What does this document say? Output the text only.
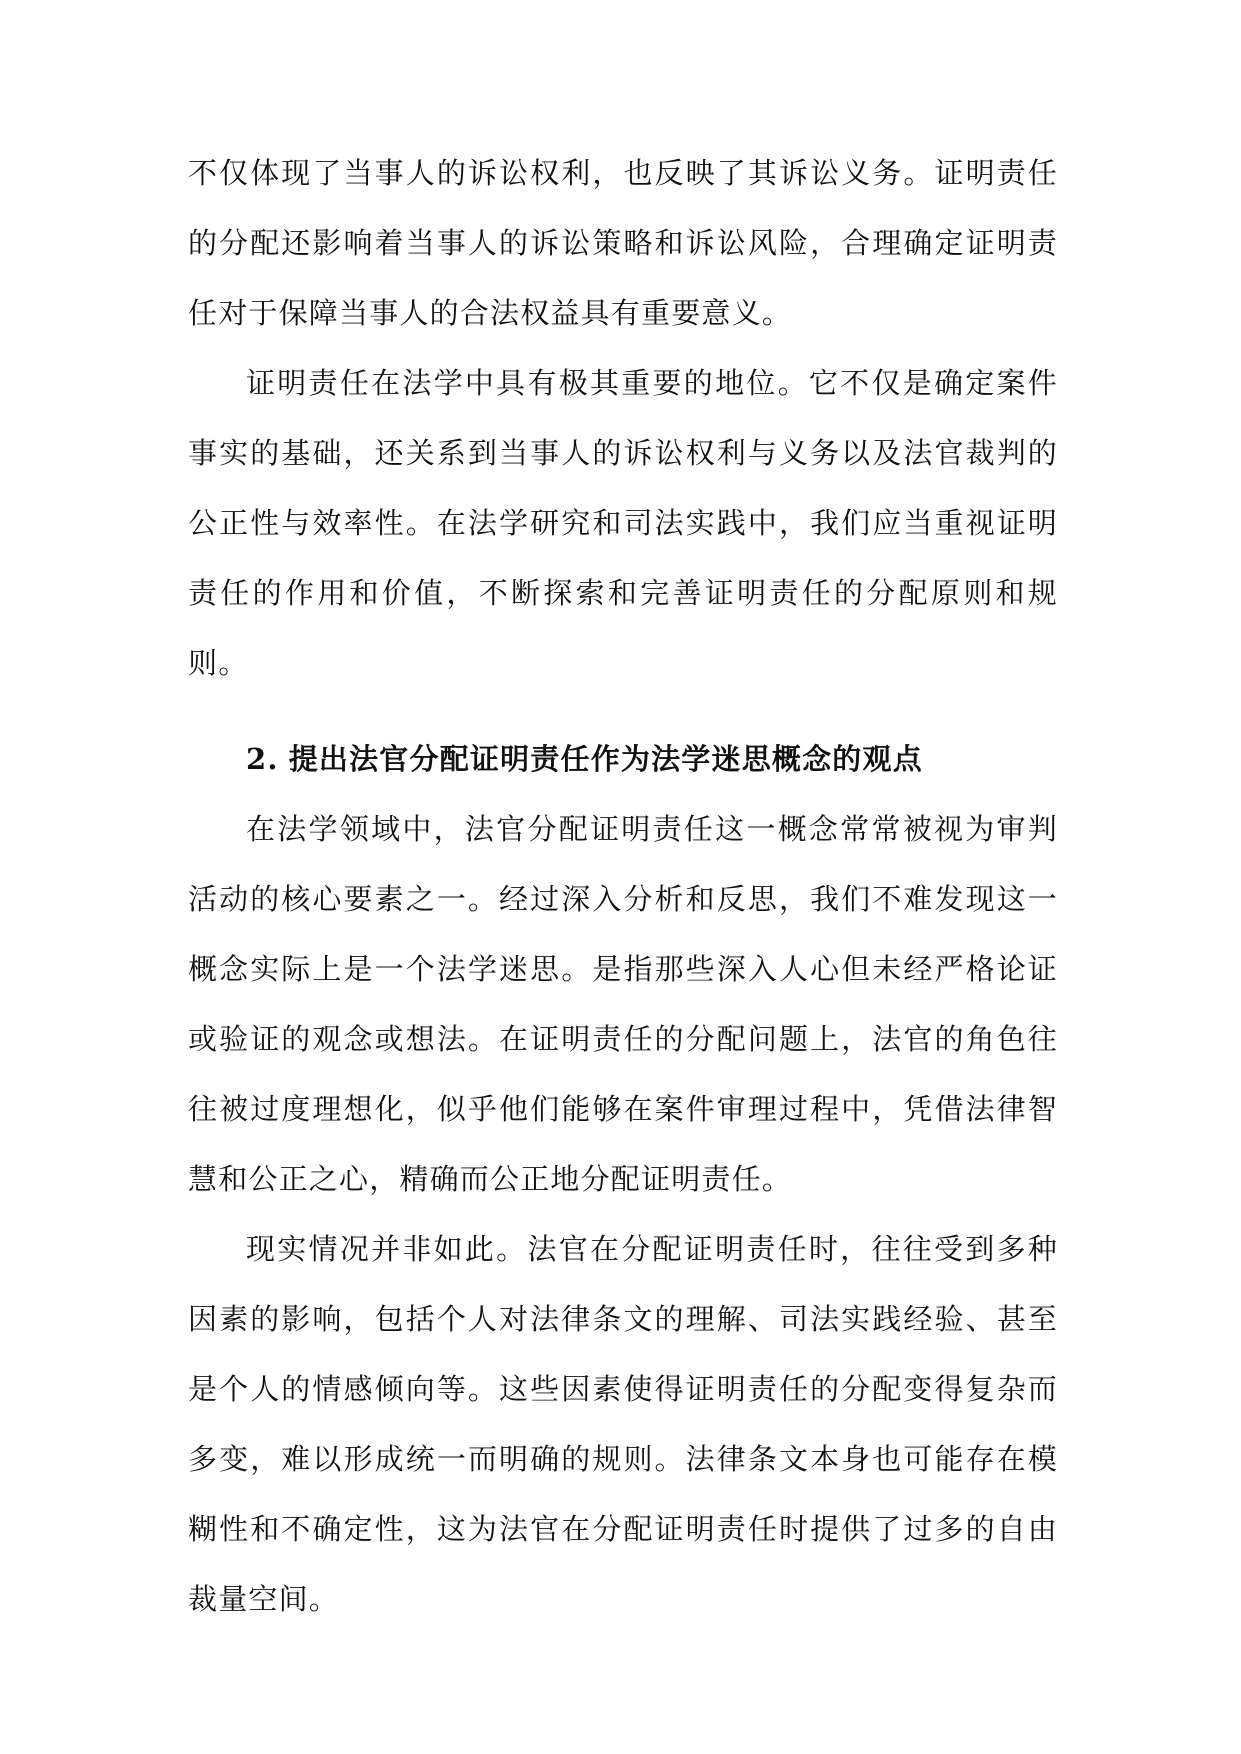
不仅体现了当事人的诉讼权利，也反映了其诉讼义务。证明责任的分配还影响着当事人的诉讼策略和诉讼风险，合理确定证明责任对于保障当事人的合法权益具有重要意义。

证明责任在法学中具有极其重要的地位。它不仅是确定案件事实的基础，还关系到当事人的诉讼权利与义务以及法官裁判的公正性与效率性。在法学研究和司法实践中，我们应当重视证明责任的作用和价值，不断探索和完善证明责任的分配原则和规则。

2. 提出法官分配证明责任作为法学迷思概念的观点

在法学领域中，法官分配证明责任这一概念常常被视为审判活动的核心要素之一。经过深入分析和反思，我们不难发现这一概念实际上是一个法学迷思。是指那些深入人心但未经严格论证或验证的观念或想法。在证明责任的分配问题上，法官的角色往往被过度理想化，似乎他们能够在案件审理过程中，凭借法律智慧和公正之心，精确而公正地分配证明责任。

现实情况并非如此。法官在分配证明责任时，往往受到多种因素的影响，包括个人对法律条文的理解、司法实践经验、甚至是个人的情感倾向等。这些因素使得证明责任的分配变得复杂而多变，难以形成统一而明确的规则。法律条文本身也可能存在模糊性和不确定性，这为法官在分配证明责任时提供了过多的自由裁量空间。
